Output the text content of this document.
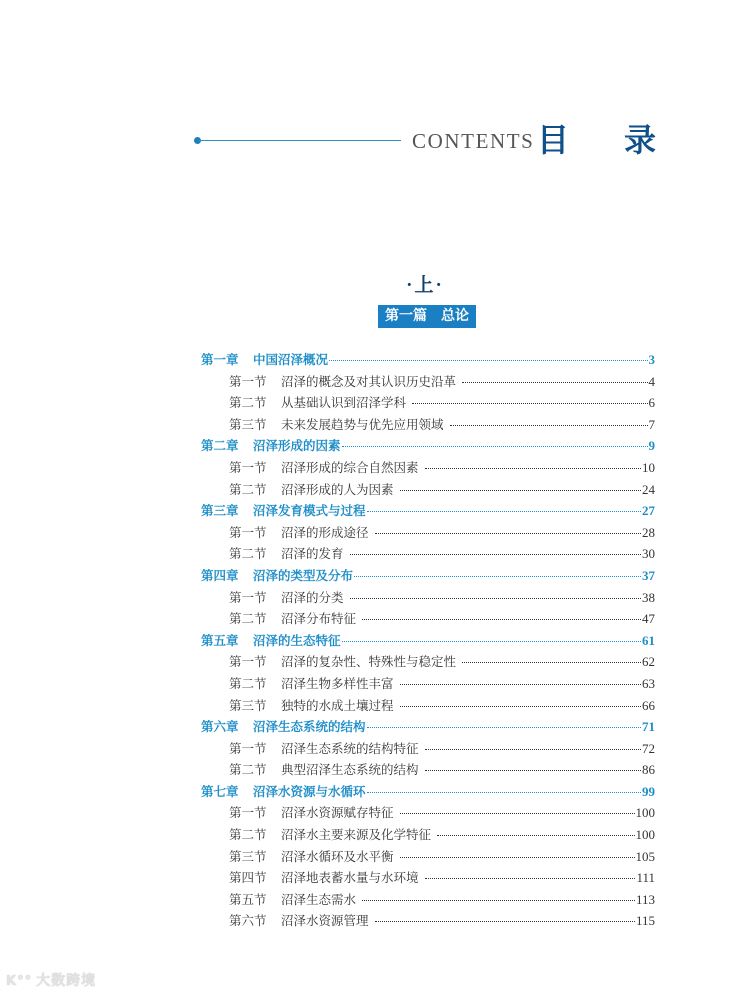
CONTENTS 目 录
·上·
第一篇　总论
第一章	中国沼泽概况	3
第一节	沼泽的概念及对其认识历史沿革	4
第二节	从基础认识到沼泽学科	6
第三节	未来发展趋势与优先应用领域	7
第二章	沼泽形成的因素	9
第一节	沼泽形成的综合自然因素	10
第二节	沼泽形成的人为因素	24
第三章	沼泽发育模式与过程	27
第一节	沼泽的形成途径	28
第二节	沼泽的发育	30
第四章	沼泽的类型及分布	37
第一节	沼泽的分类	38
第二节	沼泽分布特征	47
第五章	沼泽的生态特征	61
第一节	沼泽的复杂性、特殊性与稳定性	62
第二节	沼泽生物多样性丰富	63
第三节	独特的水成土壤过程	66
第六章	沼泽生态系统的结构	71
第一节	沼泽生态系统的结构特征	72
第二节	典型沼泽生态系统的结构	86
第七章	沼泽水资源与水循环	99
第一节	沼泽水资源赋存特征	100
第二节	沼泽水主要来源及化学特征	100
第三节	沼泽水循环及水平衡	105
第四节	沼泽地表蓄水量与水环境	111
第五节	沼泽生态需水	113
第六节	沼泽水资源管理	115
K°° 大数跨境
